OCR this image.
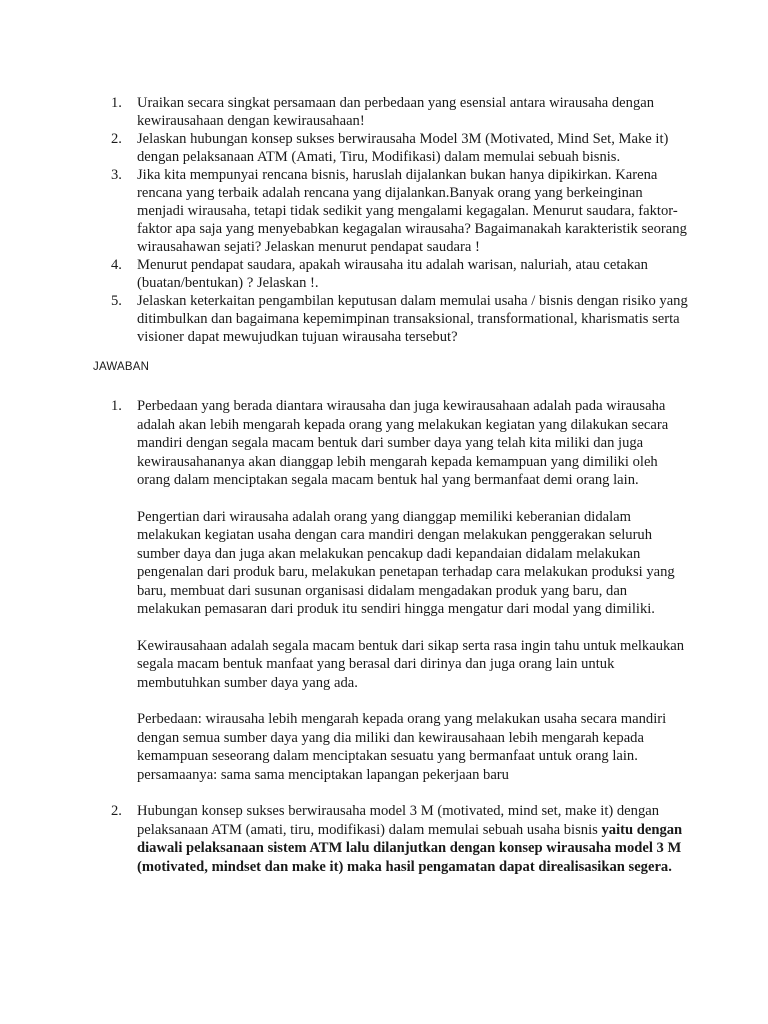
1. Uraikan secara singkat persamaan dan perbedaan yang esensial antara wirausaha dengan kewirausahaan dengan kewirausahaan!
2. Jelaskan hubungan konsep sukses berwirausaha Model 3M (Motivated, Mind Set, Make it) dengan pelaksanaan ATM (Amati, Tiru, Modifikasi) dalam memulai sebuah bisnis.
3. Jika kita mempunyai rencana bisnis, haruslah dijalankan bukan hanya dipikirkan. Karena rencana yang terbaik adalah rencana yang dijalankan.Banyak orang yang berkeinginan menjadi wirausaha, tetapi tidak sedikit yang mengalami kegagalan. Menurut saudara, faktor-faktor apa saja yang menyebabkan kegagalan wirausaha? Bagaimanakah karakteristik seorang wirausahawan sejati? Jelaskan menurut pendapat saudara !
4. Menurut pendapat saudara, apakah wirausaha itu adalah warisan, naluriah, atau cetakan (buatan/bentukan) ? Jelaskan !.
5. Jelaskan keterkaitan pengambilan keputusan dalam memulai usaha / bisnis dengan risiko yang ditimbulkan dan bagaimana kepemimpinan transaksional, transformational, kharismatis serta visioner dapat mewujudkan tujuan wirausaha tersebut?
JAWABAN
1. Perbedaan yang berada diantara wirausaha dan juga kewirausahaan adalah pada wirausaha adalah akan lebih mengarah kepada orang yang melakukan kegiatan yang dilakukan secara mandiri dengan segala macam bentuk dari sumber daya yang telah kita miliki dan juga kewirausahananya akan dianggap lebih mengarah kepada kemampuan yang dimiliki oleh orang dalam menciptakan segala macam bentuk hal yang bermanfaat demi orang lain.

Pengertian dari wirausaha adalah orang yang dianggap memiliki keberanian didalam melakukan kegiatan usaha dengan cara mandiri dengan melakukan penggerakan seluruh sumber daya dan juga akan melakukan pencakup dadi kepandaian didalam melakukan pengenalan dari produk baru, melakukan penetapan terhadap cara melakukan produksi yang baru, membuat dari susunan organisasi didalam mengadakan produk yang baru, dan melakukan pemasaran dari produk itu sendiri hingga mengatur dari modal yang dimiliki.

Kewirausahaan adalah segala macam bentuk dari sikap serta rasa ingin tahu untuk melkaukan segala macam bentuk manfaat yang berasal dari dirinya dan juga orang lain untuk membutuhkan sumber daya yang ada.

Perbedaan: wirausaha lebih mengarah kepada orang yang melakukan usaha secara mandiri dengan semua sumber daya yang dia miliki dan kewirausahaan lebih mengarah kepada kemampuan seseorang dalam menciptakan sesuatu yang bermanfaat untuk orang lain. persamaanya: sama sama menciptakan lapangan pekerjaan baru

2. Hubungan konsep sukses berwirausaha model 3 M (motivated, mind set, make it) dengan pelaksanaan ATM (amati, tiru, modifikasi) dalam memulai sebuah usaha bisnis yaitu dengan diawali pelaksanaan sistem ATM lalu dilanjutkan dengan konsep wirausaha model 3 M (motivated, mindset dan make it) maka hasil pengamatan dapat direalisasikan segera.
